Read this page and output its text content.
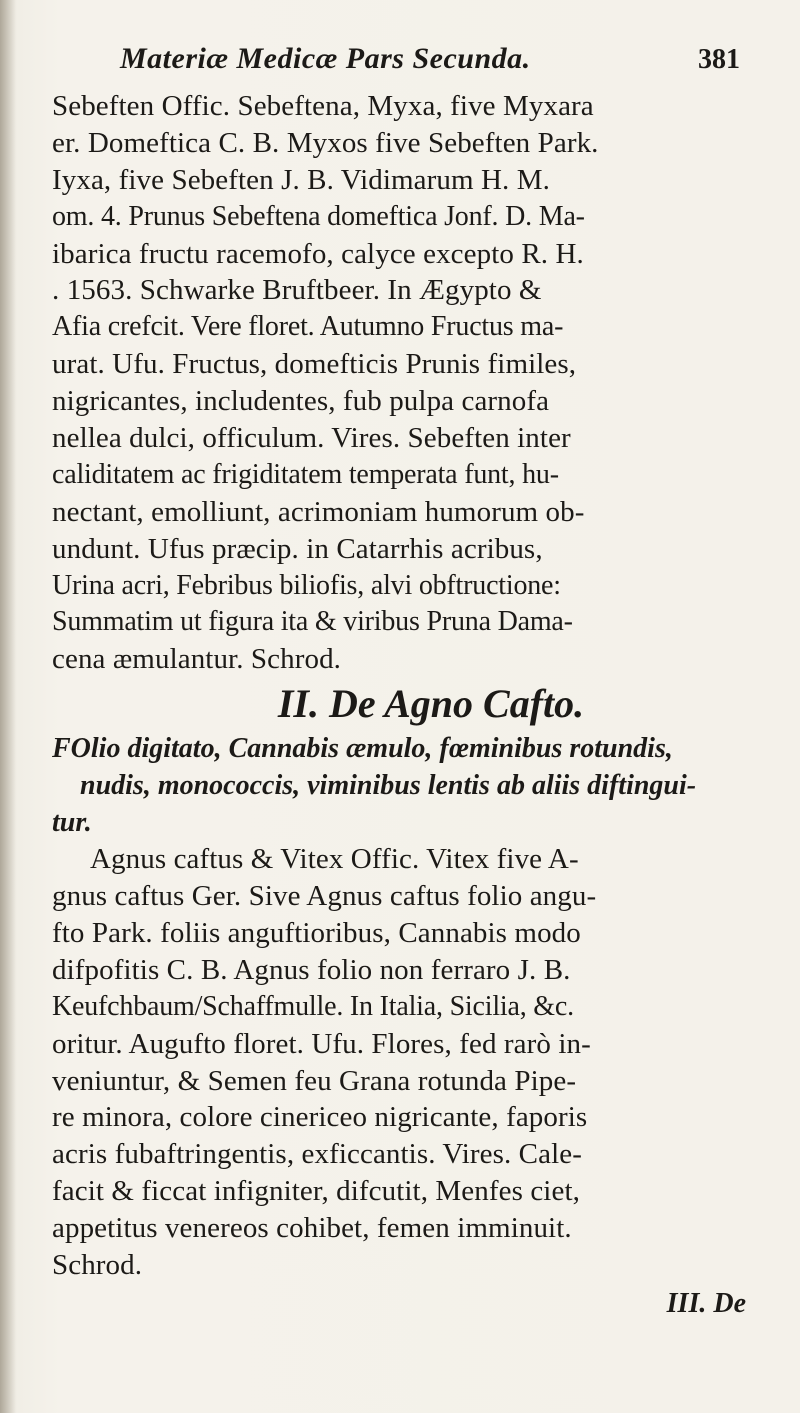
Materiæ Medicæ Pars Secunda.	381
Sebeften Offic. Sebeftena, Myxa, five Myxara
er. Domeftica C. B. Myxos five Sebeften Park.
Iyxa, five Sebeften J. B. Vidimarum H. M.
om. 4. Prunus Sebeftena domeftica Jonf. D. Ma-
ibarica fructu racemofo, calyce excepto R. H.
. 1563. Schwarke Bruftbeer. In Ægypto &
Afia crefcit. Vere floret. Autumno Fructus ma-
urat. Ufu. Fructus, domefticis Prunis fimiles,
nigricantes, includentes, fub pulpa carnofa
nellea dulci, officulum. Vires. Sebeften inter
caliditatem ac frigiditatem temperata funt, hu-
nectant, emolliunt, acrimoniam humorum ob-
undunt. Ufus præcip. in Catarrhis acribus,
Urina acri, Febribus biliofis, alvi obftructione:
Summatim ut figura ita & viribus Pruna Dama-
cena æmulantur. Schrod.
II. De Agno Cafto.
FOlio digitato, Cannabis æmulo, fœminibus rotundis,
nudis, monococcis, viminibus lentis ab aliis diftingui-
tur.
Agnus caftus & Vitex Offic. Vitex five A-
gnus caftus Ger. Sive Agnus caftus folio angu-
fto Park. foliis anguftioribus, Cannabis modo
difpofitis C. B. Agnus folio non ferraro J. B.
Keufchbaum/Schaffmulle. In Italia, Sicilia, &c.
oritur. Augufto floret. Ufu. Flores, fed rarò in-
veniuntur, & Semen feu Grana rotunda Pipe-
re minora, colore cinericeo nigricante, faporis
acris fubaftringentis, exficcantis. Vires. Cale-
facit & ficcat infigniter, difcutit, Menfes ciet,
appetitus venereos cohibet, femen imminuit.
Schrod.
III. De
